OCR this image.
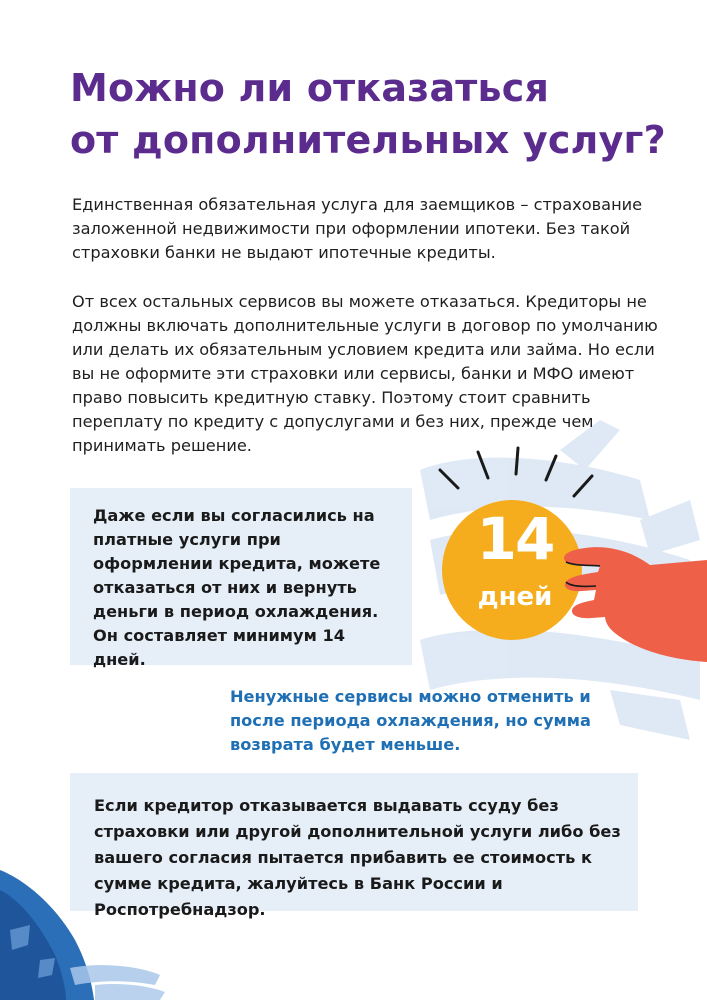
Можно ли отказаться
от дополнительных услуг?

Единственная обязательная услуга для заемщиков – страхование заложенной недвижимости при оформлении ипотеки. Без такой страховки банки не выдают ипотечные кредиты.

От всех остальных сервисов вы можете отказаться. Кредиторы не должны включать дополнительные услуги в договор по умолчанию или делать их обязательным условием кредита или займа. Но если вы не оформите эти страховки или сервисы, банки и МФО имеют право повысить кредитную ставку. Поэтому стоит сравнить переплату по кредиту с допуслугами и без них, прежде чем принимать решение.

Даже если вы согласились на платные услуги при оформлении кредита, можете отказаться от них и вернуть деньги в период охлаждения. Он составляет минимум 14 дней.

14
дней

Ненужные сервисы можно отменить и после периода охлаждения, но сумма возврата будет меньше.

Если кредитор отказывается выдавать ссуду без страховки или другой дополнительной услуги либо без вашего согласия пытается прибавить ее стоимость к сумме кредита, жалуйтесь в Банк России и Роспотребнадзор.
